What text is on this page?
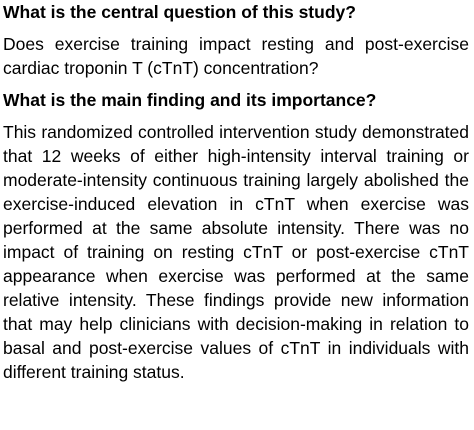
What is the central question of this study?

Does exercise training impact resting and post-exercise cardiac troponin T (cTnT) concentration?

What is the main finding and its importance?

This randomized controlled intervention study demonstrated that 12 weeks of either high-intensity interval training or moderate-intensity continuous training largely abolished the exercise-induced elevation in cTnT when exercise was performed at the same absolute intensity. There was no impact of training on resting cTnT or post-exercise cTnT appearance when exercise was performed at the same relative intensity. These findings provide new information that may help clinicians with decision-making in relation to basal and post-exercise values of cTnT in individuals with different training status.
